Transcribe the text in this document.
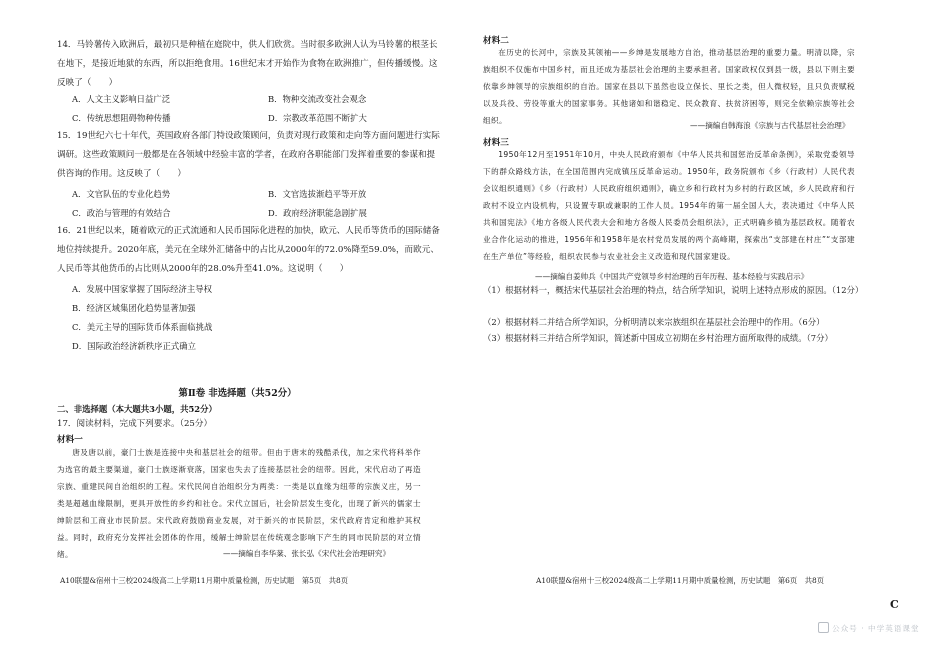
14．马铃薯传入欧洲后，最初只是种植在庭院中，供人们欣赏。当时很多欧洲人认为马铃薯的根茎长在地下，是接近地狱的东西，所以拒绝食用。16世纪末才开始作为食物在欧洲推广，但传播缓慢。这反映了（　　）
A．人文主义影响日益广泛	B．物种交流改变社会观念
C．传统思想阻碍物种传播	D．宗教改革范围不断扩大
15．19世纪六七十年代，英国政府各部门特设政策顾问，负责对现行政策和走向等方面问题进行实际调研。这些政策顾问一般都是在各领域中经验丰富的学者，在政府各职能部门发挥着重要的参谋和提供咨询的作用。这反映了（　　）
A．文官队伍的专业化趋势	B．文官选拔渐趋平等开放
C．政治与管理的有效结合	D．政府经济职能急剧扩展
16．21世纪以来，随着欧元的正式流通和人民币国际化进程的加快，欧元、人民币等货币的国际储备地位持续提升。2020年底，美元在全球外汇储备中的占比从2000年的72.0%降至59.0%，而欧元、人民币等其他货币的占比则从2000年的28.0%升至41.0%。这说明（　　）
A．发展中国家掌握了国际经济主导权
B．经济区域集团化趋势显著加强
C．美元主导的国际货币体系面临挑战
D．国际政治经济新秩序正式确立
第Ⅱ卷 非选择题（共52分）
二、非选择题（本大题共3小题，共52分）
17．阅读材料，完成下列要求。（25分）
材料一
唐及唐以前，豪门士族是连接中央和基层社会的纽带。但由于唐末的残酷杀伐，加之宋代将科举作为选官的最主要渠道，豪门士族逐渐衰落，国家也失去了连接基层社会的纽带。因此，宋代启动了再造宗族、重建民间自治组织的工程。宋代民间自治组织分为两类：一类是以血缘为纽带的宗族义庄，另一类是超越血缘限制，更具开放性的乡约和社仓。宋代立国后，社会阶层发生变化，出现了新兴的儒家士绅阶层和工商业市民阶层。宋代政府鼓励商业发展，对于新兴的市民阶层，宋代政府肯定和维护其权益。同时，政府充分发挥社会团体的作用，缓解士绅阶层在传统观念影响下产生的同市民阶层的对立情绪。	——摘编自李华棻、张长弘《宋代社会治理研究》
A10联盟&宿州十三校2024级高二上学期11月期中质量检测，历史试题　第5页　共8页
材料二
在历史的长河中，宗族及其领袖——乡绅是发展地方自治，推动基层治理的重要力量。明清以降，宗族组织不仅施布中国乡村，而且还成为基层社会治理的主要承担者。国家政权仅到县一级，县以下则主要依靠乡绅领导的宗族组织的自治。国家在县以下虽然也设立保长、里长之类，但人微权轻，且只负责赋税以及兵役、劳役等重大的国家事务。其他诸如和谐稳定、民众教育、扶贫济困等，则完全依赖宗族等社会组织。
——摘编自韩海浪《宗族与古代基层社会治理》
材料三
1950年12月至1951年10月，中央人民政府颁布《中华人民共和国惩治反革命条例》，采取党委领导下的群众路线方法，在全国范围内完成镇压反革命运动。1950年，政务院颁布《乡（行政村）人民代表会议组织通则》《乡（行政村）人民政府组织通则》，确立乡和行政村为乡村的行政区域，乡人民政府和行政村不设立内设机构，只设置专职或兼职的工作人员。1954年的第一届全国人大，表决通过《中华人民共和国宪法》《地方各级人民代表大会和地方各级人民委员会组织法》，正式明确乡镇为基层政权。随着农业合作化运动的推进，1956年和1958年是农村党员发展的两个高峰期，探索出“支部建在村庄”“支部建在生产单位”等经验，组织农民参与农业社会主义改造和现代国家建设。
——摘编自姜帅兵《中国共产党领导乡村治理的百年历程、基本经验与实践启示》
（1）根据材料一，概括宋代基层社会治理的特点，结合所学知识，说明上述特点形成的原因。（12分）
（2）根据材料二并结合所学知识，分析明清以来宗族组织在基层社会治理中的作用。（6分）
（3）根据材料三并结合所学知识，简述新中国成立初期在乡村治理方面所取得的成绩。（7分）
A10联盟&宿州十三校2024级高二上学期11月期中质量检测，历史试题　第6页　共8页
C
公众号 · 中学英语课堂
